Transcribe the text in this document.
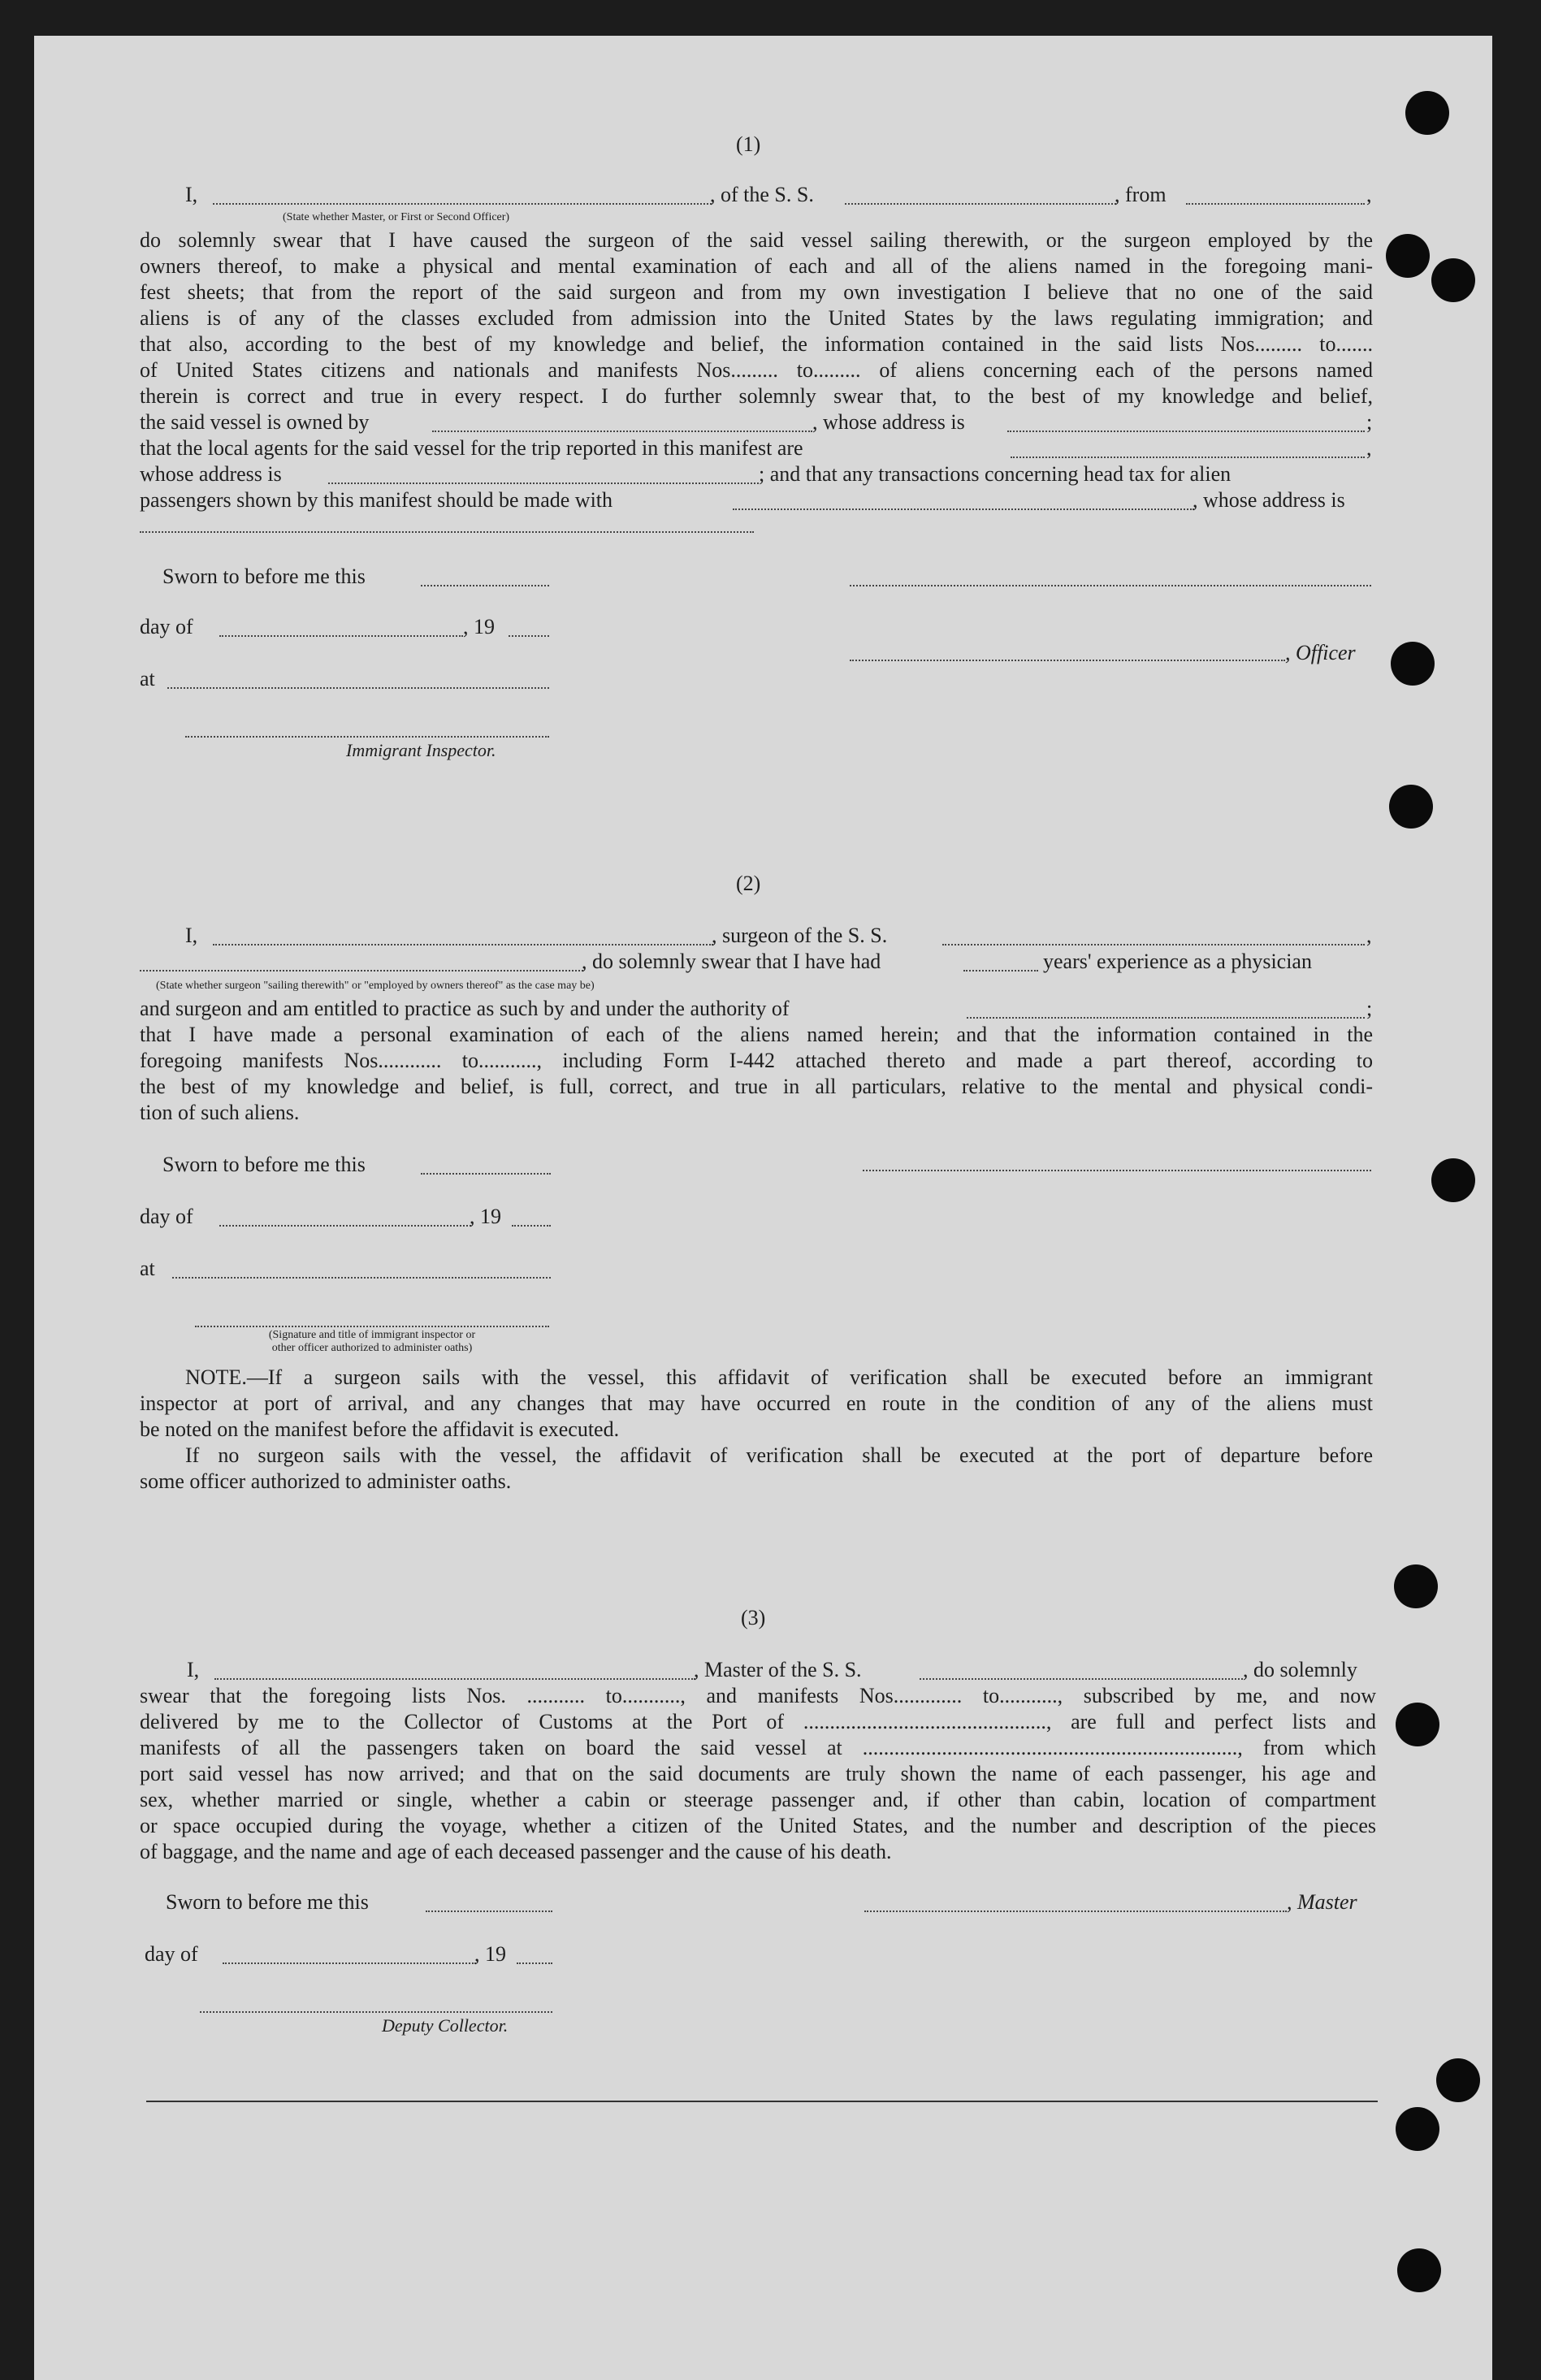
(1)
I,	, of the S. S.	, from	,
(State whether Master, or First or Second Officer)
do solemnly swear that I have caused the surgeon of the said vessel sailing therewith, or the surgeon employed by the
owners thereof, to make a physical and mental examination of each and all of the aliens named in the foregoing mani-
fest sheets; that from the report of the said surgeon and from my own investigation I believe that no one of the said
aliens is of any of the classes excluded from admission into the United States by the laws regulating immigration; and
that also, according to the best of my knowledge and belief, the information contained in the said lists Nos......... to.......
of United States citizens and nationals and manifests Nos......... to......... of aliens concerning each of the persons named
therein is correct and true in every respect. I do further solemnly swear that, to the best of my knowledge and belief,
the said vessel is owned by	, whose address is	;
that the local agents for the said vessel for the trip reported in this manifest are	,
whose address is	; and that any transactions concerning head tax for alien
passengers shown by this manifest should be made with	, whose address is
Sworn to before me this
day of	, 19
, Officer
at
Immigrant Inspector.
(2)
I,	, surgeon of the S. S.	,
, do solemnly swear that I have had	years' experience as a physician
(State whether surgeon "sailing therewith" or "employed by owners thereof" as the case may be)
and surgeon and am entitled to practice as such by and under the authority of	;
that I have made a personal examination of each of the aliens named herein; and that the information contained in the
foregoing manifests Nos............ to..........., including Form I-442 attached thereto and made a part thereof, according to
the best of my knowledge and belief, is full, correct, and true in all particulars, relative to the mental and physical condi-
tion of such aliens.
Sworn to before me this
day of	, 19
at
(Signature and title of immigrant inspector or
other officer authorized to administer oaths)
NOTE.—If a surgeon sails with the vessel, this affidavit of verification shall be executed before an immigrant
inspector at port of arrival, and any changes that may have occurred en route in the condition of any of the aliens must
be noted on the manifest before the affidavit is executed.
If no surgeon sails with the vessel, the affidavit of verification shall be executed at the port of departure before
some officer authorized to administer oaths.
(3)
I,	, Master of the S. S.	, do solemnly
swear that the foregoing lists Nos. ........... to..........., and manifests Nos............. to..........., subscribed by me, and now
delivered by me to the Collector of Customs at the Port of .............................................., are full and perfect lists and
manifests of all the passengers taken on board the said vessel at ......................................................................., from which
port said vessel has now arrived; and that on the said documents are truly shown the name of each passenger, his age and
sex, whether married or single, whether a cabin or steerage passenger and, if other than cabin, location of compartment
or space occupied during the voyage, whether a citizen of the United States, and the number and description of the pieces
of baggage, and the name and age of each deceased passenger and the cause of his death.
Sworn to before me this	, Master
day of	, 19
Deputy Collector.
